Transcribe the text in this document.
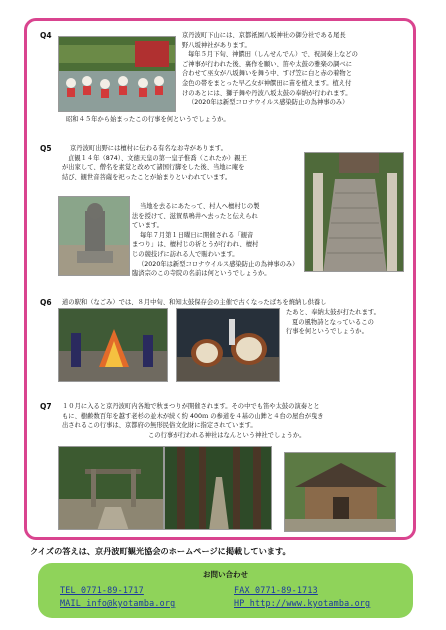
Q4	京丹波町下山には、京都祇園八坂神社の御分社である尾長
野八坂神社があります。
毎年５月下旬、神饌田（しんせんでん）で、祝詞奏上などの
ご神事が行われた後、裏作を願い、笛や太鼓の雅楽の調べに
合わせて巫女が八坂舞いを舞う中、すげ笠に白と赤の着物と
金色の帯をまとった早乙女が神饌田に苗を植えます。植え付
けのあとには、獅子舞や丹波八坂太鼓の奉納が行われます。
（2020年は新型コロナウイルス感染防止の為神事のみ）
昭和４５年から始まったこの行事を何というでしょうか。
Q5	京丹波町出野には檀村に伝わる有名なお寺があります。
貞観１４年（874）、文徳天皇の第一皇子惟喬（これたか）親王
が出家して、僧名を素覚と改めて諸国行脚をした後、当地に庵を
結び、観世音菩薩を祀ったことが始まりといわれています。
当地を去るにあたって、村人へ檀村じの製
法を授けて、滋賀県鳴井へ去ったと伝えられ
ています。
毎年７月第１日曜日に開催される「観音
まつり」は、檀村じの祈とうが行われ、檀村
じの競技げに訪れる人で賑わいます。
（2020年は新型コロナウイルス感染防止の為神事のみ）
臨済宗のこの寺院の名前は何というでしょうか。
Q6 道の駅和（なごみ）では、８月中旬、和知太鼓保存会の主催で古くなったばちを焼納し供養し
たあと、奉納太鼓が打たれます。
夏の風物詩となっているこの
行事を何というでしょうか。
Q7 １０月に入ると京丹波町内各地で秋まつりが開催されます。その中でも笛や太鼓の演奏とと
もに、樹齢数百年を越す老杉の並木が続く約 400ｍ の参道を４基の山鉾と４台の屋台が曳き
出されるこの行事は、京都府の無形民俗文化財に指定されています。
この行事が行われる神社はなんという神社でしょうか。
クイズの答えは、京丹波町観光協会のホームページに掲載しています。
お問い合わせ
TEL 0771-89-1717	FAX 0771-89-1713
MAIL info@kyotamba.org	HP http://www.kyotamba.org
